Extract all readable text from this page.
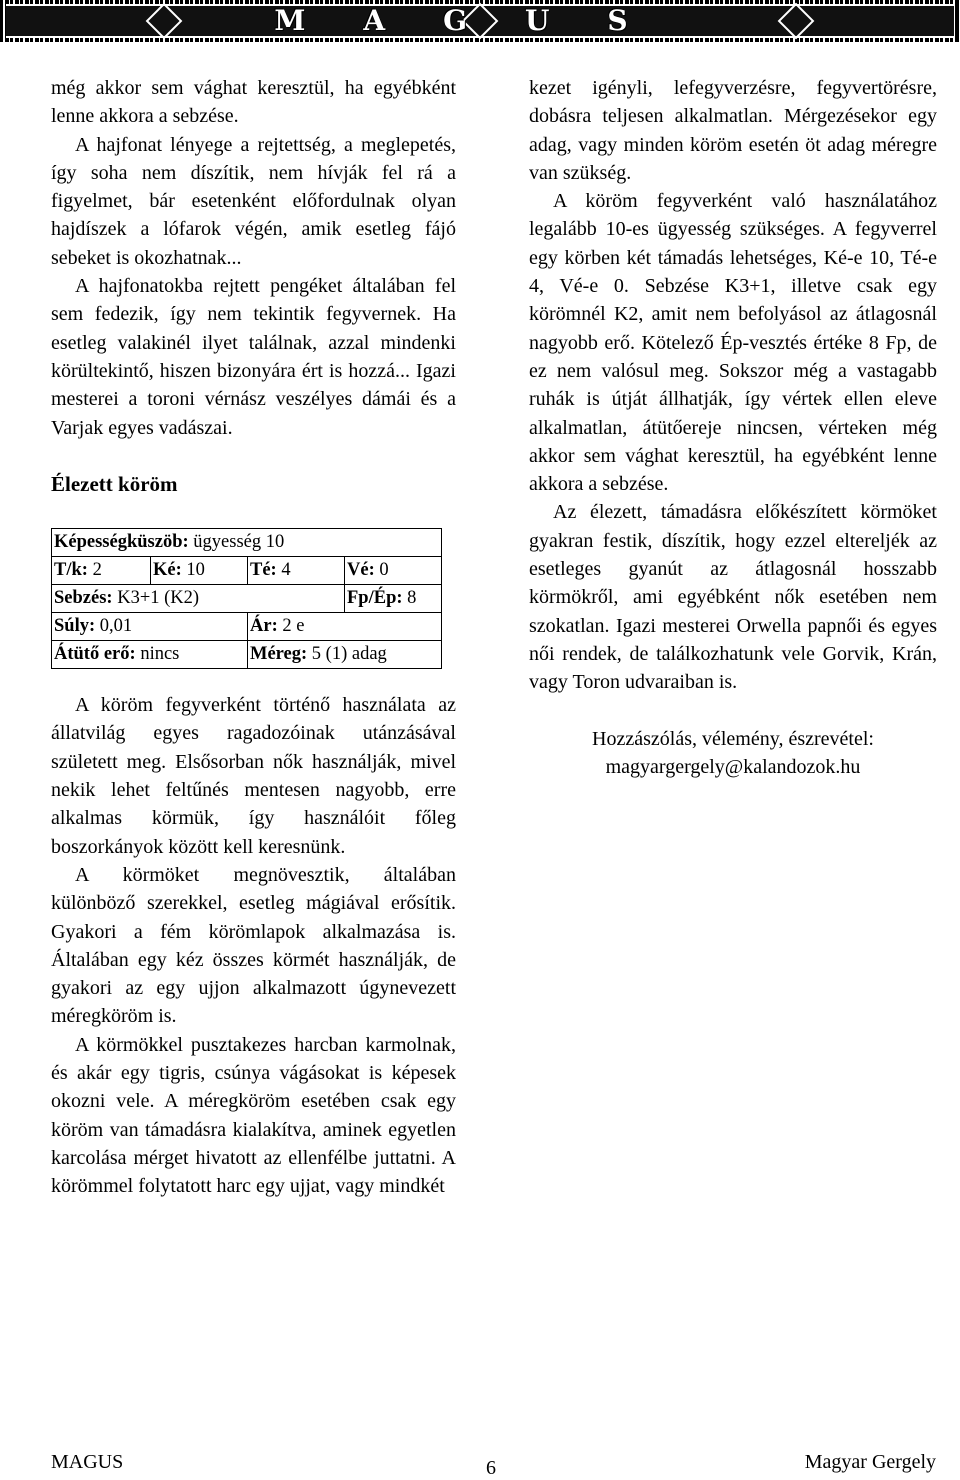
MAGUS

még akkor sem vághat keresztül, ha egyébként lenne akkora a sebzése.

A hajfonat lényege a rejtettség, a meglepetés, így soha nem díszítik, nem hívják fel rá a figyelmet, bár esetenként előfordulnak olyan hajdíszek a lófarok végén, amik esetleg fájó sebeket is okozhatnak...

A hajfonatokba rejtett pengéket általában fel sem fedezik, így nem tekintik fegyvernek. Ha esetleg valakinél ilyet találnak, azzal mindenki körültekintő, hiszen bizonyára ért is hozzá... Igazi mesterei a toroni vérnász veszélyes dámái és a Varjak egyes vadászai.

Élezett köröm

Képességküszöb: ügyesség 10			
T/k: 2	Ké: 10	Té: 4	Vé: 0
Sebzés: K3+1 (K2)			Fp/Ép: 8
Súly: 0,01		Ár: 2 e	
Átütő erő: nincs		Méreg: 5 (1) adag	

A köröm fegyverként történő használata az állatvilág egyes ragadozóinak utánzásával született meg. Elsősorban nők használják, mivel nekik lehet feltűnés mentesen nagyobb, erre alkalmas körmük, így használóit főleg boszorkányok között kell keresnünk.

A körmöket megnövesztik, általában különböző szerekkel, esetleg mágiával erősítik. Gyakori a fém körömlapok alkalmazása is. Általában egy kéz összes körmét használják, de gyakori az egy ujjon alkalmazott úgynevezett méregköröm is.

A körmökkel pusztakezes harcban karmolnak, és akár egy tigris, csúnya vágásokat is képesek okozni vele. A méregköröm esetében csak egy köröm van támadásra kialakítva, aminek egyetlen karcolása mérget hivatott az ellenfélbe juttatni. A körömmel folytatott harc egy ujjat, vagy mindkét

kezet igényli, lefegyverzésre, fegyvertörésre, dobásra teljesen alkalmatlan. Mérgezésekor egy adag, vagy minden köröm esetén öt adag méregre van szükség.

A köröm fegyverként való használatához legalább 10-es ügyesség szükséges. A fegyverrel egy körben két támadás lehetséges, Ké-e 10, Té-e 4, Vé-e 0. Sebzése K3+1, illetve csak egy körömnél K2, amit nem befolyásol az átlagosnál nagyobb erő. Kötelező Ép-vesztés értéke 8 Fp, de ez nem valósul meg. Sokszor még a vastagabb ruhák is útját állhatják, így vértek ellen eleve alkalmatlan, átütőereje nincsen, vérteken még akkor sem vághat keresztül, ha egyébként lenne akkora a sebzése.

Az élezett, támadásra előkészített körmöket gyakran festik, díszítik, hogy ezzel eltereljék az esetleges gyanút az átlagosnál hosszabb körmökről, ami egyébként nők esetében nem szokatlan. Igazi mesterei Orwella papnői és egyes női rendek, de találkozhatunk vele Gorvik, Krán, vagy Toron udvaraiban is.

Hozzászólás, vélemény, észrevétel:
magyargergely@kalandozok.hu

MAGUS	6	Magyar Gergely
